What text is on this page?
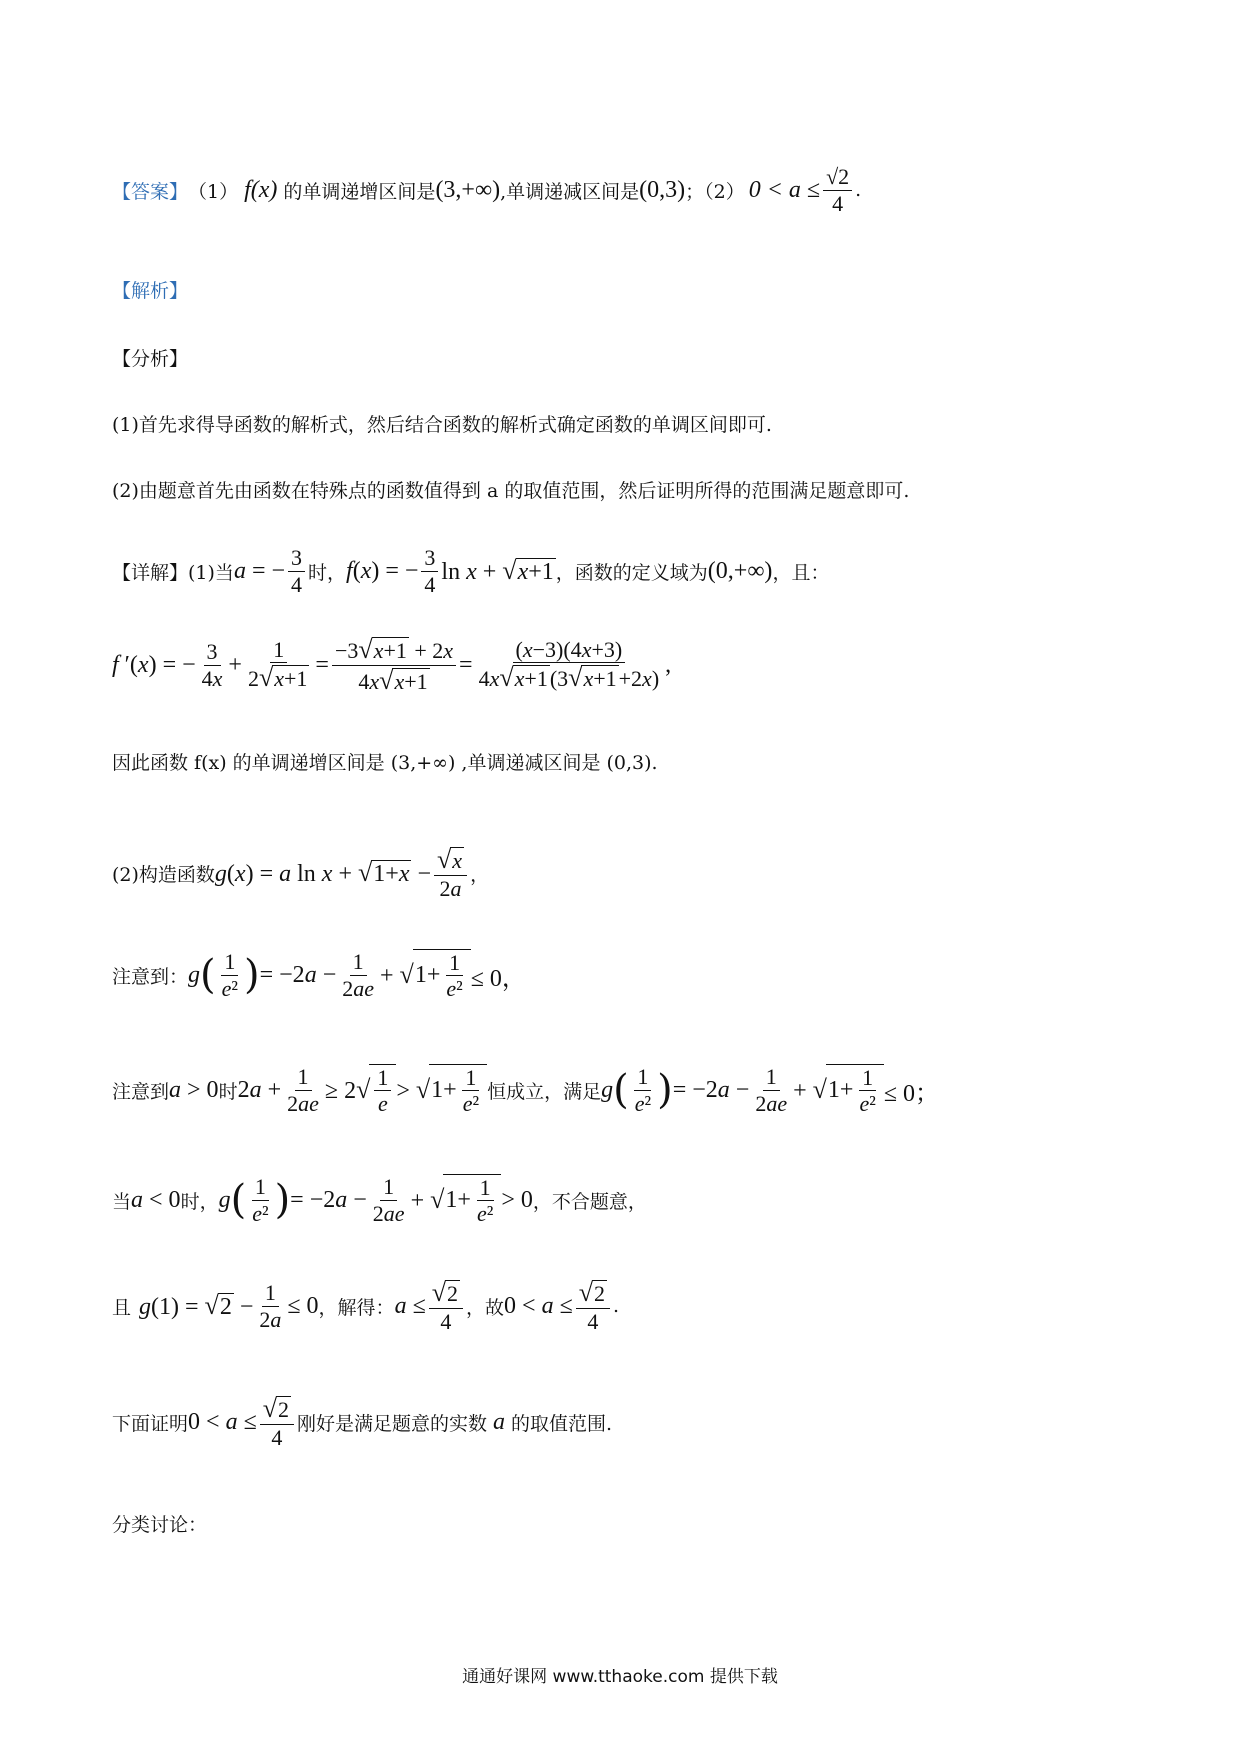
【答案】 （1） f(x) 的单调递增区间是 (3,+∞) ,单调递减区间是 (0,3) ；（2） $0 < a \le \frac{√2}{4}$ .
【解析】
【分析】
(1)首先求得导函数的解析式，然后结合函数的解析式确定函数的单调区间即可.
(2)由题意首先由函数在特殊点的函数值得到 a 的取值范围，然后证明所得的范围满足题意即可.
【详解】 (1)当 a = − $\frac{3}{4}$ 时， f(x) = − $\frac{3}{4}$ ln x + √x+1 ，函数的定义域为 (0,+∞) ，且：
f ′(x) = − $\frac{3}{4x} + \frac{1}{2√x+1} = \frac{-3√x+1 + 2x}{4x√x+1} = \frac{(x-3)(4x+3)}{4x√x+1(3√x+1+2x)}$ ,
因此函数 f(x) 的单调递增区间是 (3,+∞) ,单调递减区间是 (0,3).
(2)构造函数 g(x) = a $\ln x + √1+x - \frac{√x}{2a}$ ，
注意到： g ( $\frac{1}{\text{e²}}$ ) = $-2a - \frac{1}{2ae}$ + √ $1+ \frac{1}{\text{e²}} \le 0$，
注意到 a > 0 时 $2a + \frac{1}{2ae} \ge 2√ \frac{1}{e}$ > √ $1+ \frac{1}{\text{e²}}$ 恒成立，满足 g ( $\frac{1}{\text{e²}}$ ) = $-2a - \frac{1}{2ae}$ + √ $1+ \frac{1}{\text{e²}} \le 0$；
当 a < 0 时， g ( $\frac{1}{\text{e²}}$ ) = $-2a - \frac{1}{2ae}$ + √ $1+ \frac{1}{\text{e²}} > 0$ ，不合题意，
且 $g(1) = √2 - \frac{1}{2a} \le 0$ ，解得： $a \le \frac{√2}{4}$ ，故 $0 < a \le \frac{√2}{4}$ .
下面证明 $0 < a \le \frac{√2}{4}$ 刚好是满足题意的实数 a 的取值范围.
分类讨论：
通通好课网 www.tthaoke.com 提供下载
